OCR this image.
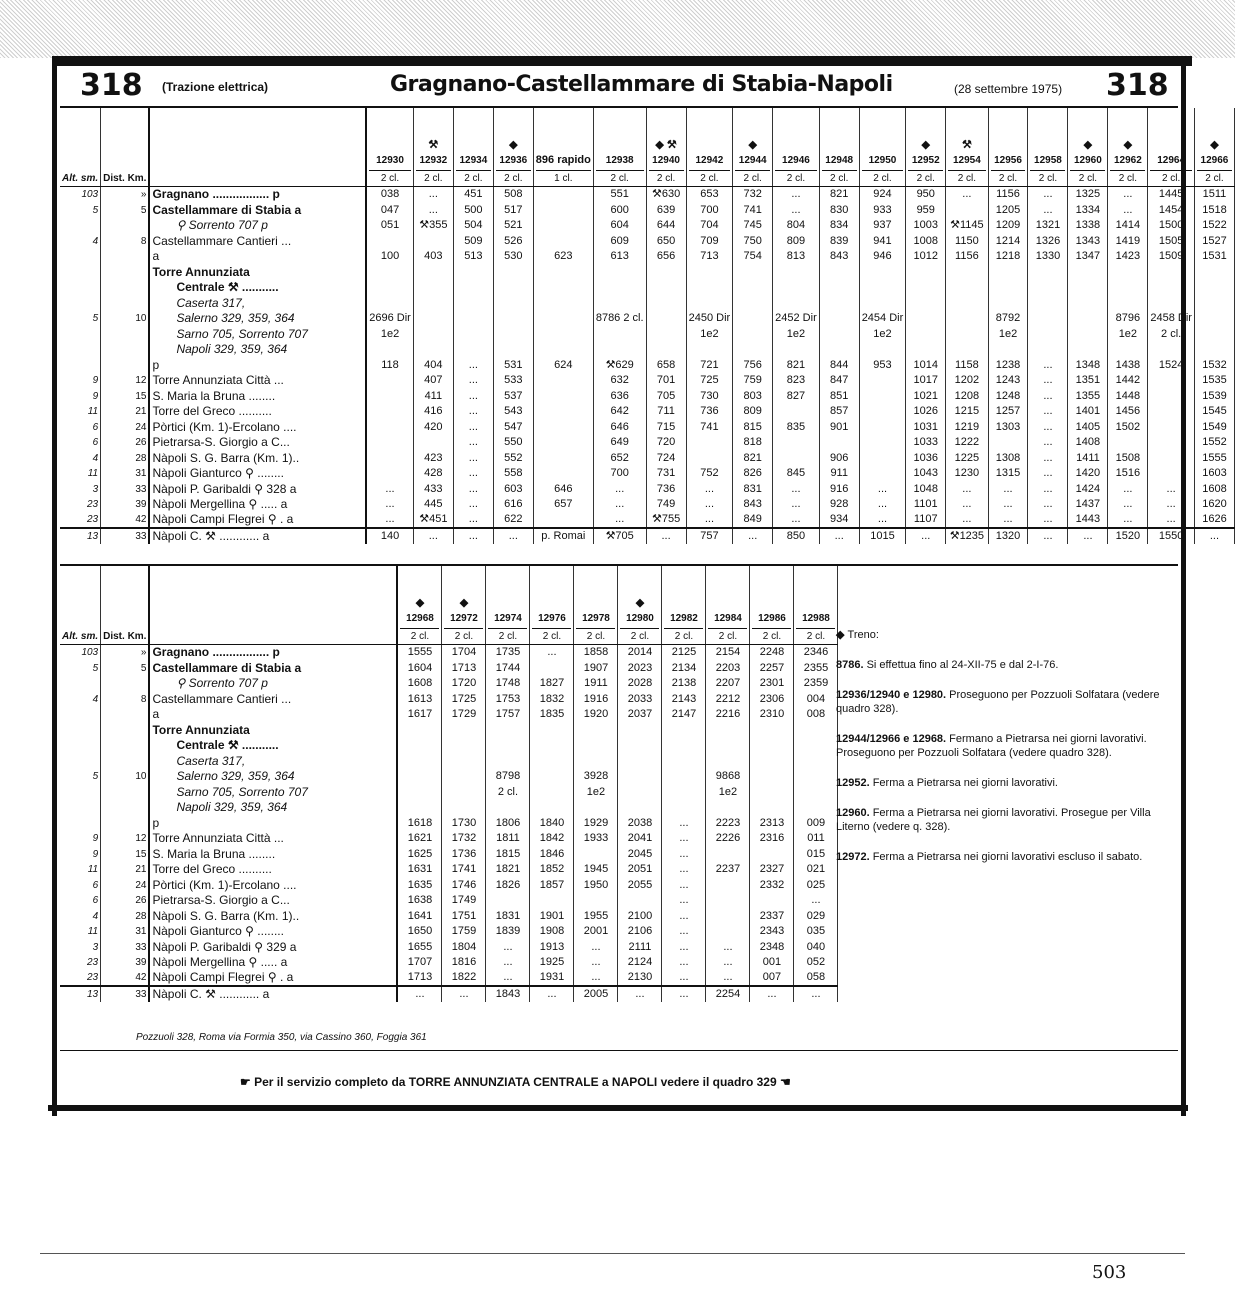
318 (Trazione elettrica)	Gragnano-Castellammare di Stabia-Napoli	(28 settembre 1975) 318
Alt. sm.	Dist. Km.		12930
2 cl.	⚒
12932
2 cl.	12934
2 cl.	◆
12936
2 cl.	896 rapido
1 cl.	12938
2 cl.	◆ ⚒
12940
2 cl.	12942
2 cl.	◆
12944
2 cl.	12946
2 cl.	12948
2 cl.	12950
2 cl.	◆
12952
2 cl.	⚒
12954
2 cl.	12956
2 cl.	12958
2 cl.	◆
12960
2 cl.	◆
12962
2 cl.	12964
2 cl.	◆
12966
2 cl.

103	»	Gragnano ................. p	038	...	451	508		551	⚒630	653	732	...	821	924	950	...	1156	...	1325	...	1445	1511
5	5	Castellammare di Stabia a	047	...	500	517		600	639	700	741	...	830	933	959		1205	...	1334	...	1454	1518
		⚲ Sorrento 707 p	051	⚒355	504	521		604	644	704	745	804	834	937	1003	⚒1145	1209	1321	1338	1414	1500	1522
4	8	Castellammare Cantieri ...			509	526		609	650	709	750	809	839	941	1008	1150	1214	1326	1343	1419	1505	1527
		a	100	403	513	530	623	613	656	713	754	813	843	946	1012	1156	1218	1330	1347	1423	1509	1531
		Torre Annunziata																				
		Centrale ⚒ ...........																				
		Caserta 317,																				
5	10	Salerno 329, 359, 364	2696 Dir					8786 2 cl.		2450 Dir		2452 Dir		2454 Dir			8792			8796	2458 Dir	
		Sarno 705, Sorrento 707	1e2							1e2		1e2		1e2			1e2			1e2	2 cl.	
		Napoli 329, 359, 364																				
		p	118	404	...	531	624	⚒629	658	721	756	821	844	953	1014	1158	1238	...	1348	1438	1524	1532
9	12	Torre Annunziata Città ...		407	...	533		632	701	725	759	823	847		1017	1202	1243	...	1351	1442		1535
9	15	S. Maria la Bruna ........		411	...	537		636	705	730	803	827	851		1021	1208	1248	...	1355	1448		1539
11	21	Torre del Greco ..........		416	...	543		642	711	736	809		857		1026	1215	1257	...	1401	1456		1545
6	24	Pòrtici (Km. 1)-Ercolano ....		420	...	547		646	715	741	815	835	901		1031	1219	1303	...	1405	1502		1549
6	26	Pietrarsa-S. Giorgio a C...			...	550		649	720		818				1033	1222		...	1408			1552
4	28	Nàpoli S. G. Barra (Km. 1)..		423	...	552		652	724		821		906		1036	1225	1308	...	1411	1508		1555
11	31	Nàpoli Gianturco ⚲ ........		428	...	558		700	731	752	826	845	911		1043	1230	1315	...	1420	1516		1603
3	33	Nàpoli P. Garibaldi ⚲ 328 a	...	433	...	603	646	...	736	...	831	...	916	...	1048	...	...	...	1424	...	...	1608
23	39	Nàpoli Mergellina ⚲ ..... a	...	445	...	616	657	...	749	...	843	...	928	...	1101	...	...	...	1437	...	...	1620
23	42	Nàpoli Campi Flegrei ⚲ . a	...	⚒451	...	622		...	⚒755	...	849	...	934	...	1107	...	...	...	1443	...	...	1626
13	33	Nàpoli C. ⚒ ............ a	140	...	...	...	p. Romai	⚒705	...	757	...	850	...	1015	...	⚒1235	1320	...	...	1520	1550	...
Alt. sm.	Dist. Km.		◆
12968
2 cl.	◆
12972
2 cl.	12974
2 cl.	12976
2 cl.	12978
2 cl.	◆
12980
2 cl.	12982
2 cl.	12984
2 cl.	12986
2 cl.	12988
2 cl.

103	»	Gragnano ................. p	1555	1704	1735	...	1858	2014	2125	2154	2248	2346
5	5	Castellammare di Stabia a	1604	1713	1744		1907	2023	2134	2203	2257	2355
		⚲ Sorrento 707 p	1608	1720	1748	1827	1911	2028	2138	2207	2301	2359
4	8	Castellammare Cantieri ...	1613	1725	1753	1832	1916	2033	2143	2212	2306	004
		a	1617	1729	1757	1835	1920	2037	2147	2216	2310	008
		Torre Annunziata										
		Centrale ⚒ ...........										
		Caserta 317,										
5	10	Salerno 329, 359, 364			8798		3928			9868		
		Sarno 705, Sorrento 707			2 cl.		1e2			1e2		
		Napoli 329, 359, 364										
		p	1618	1730	1806	1840	1929	2038	...	2223	2313	009
9	12	Torre Annunziata Città ...	1621	1732	1811	1842	1933	2041	...	2226	2316	011
9	15	S. Maria la Bruna ........	1625	1736	1815	1846		2045	...			015
11	21	Torre del Greco ..........	1631	1741	1821	1852	1945	2051	...	2237	2327	021
6	24	Pòrtici (Km. 1)-Ercolano ....	1635	1746	1826	1857	1950	2055	...		2332	025
6	26	Pietrarsa-S. Giorgio a C...	1638	1749					...			...
4	28	Nàpoli S. G. Barra (Km. 1)..	1641	1751	1831	1901	1955	2100	...		2337	029
11	31	Nàpoli Gianturco ⚲ ........	1650	1759	1839	1908	2001	2106	...		2343	035
3	33	Nàpoli P. Garibaldi ⚲ 329 a	1655	1804	...	1913	...	2111	...	...	2348	040
23	39	Nàpoli Mergellina ⚲ ..... a	1707	1816	...	1925	...	2124	...	...	001	052
23	42	Nàpoli Campi Flegrei ⚲ . a	1713	1822	...	1931	...	2130	...	...	007	058
13	33	Nàpoli C. ⚒ ............ a	...	...	1843	...	2005	...	...	2254	...	...

◆ Treno:

8786. Si effettua fino al 24-XII-75 e dal 2-I-76.

12936/12940 e 12980. Proseguono per Pozzuoli Solfatara (vedere quadro 328).

12944/12966 e 12968. Fermano a Pietrarsa nei giorni lavorativi. Proseguono per Pozzuoli Solfatara (vedere quadro 328).

12952. Ferma a Pietrarsa nei giorni lavorativi.

12960. Ferma a Pietrarsa nei giorni lavorativi. Prosegue per Villa Literno (vedere q. 328).

12972. Ferma a Pietrarsa nei giorni lavorativi escluso il sabato.

Pozzuoli 328, Roma via Formia 350, via Cassino 360, Foggia 361
☛ Per il servizio completo da TORRE ANNUNZIATA CENTRALE a NAPOLI vedere il quadro 329 ☚
503
